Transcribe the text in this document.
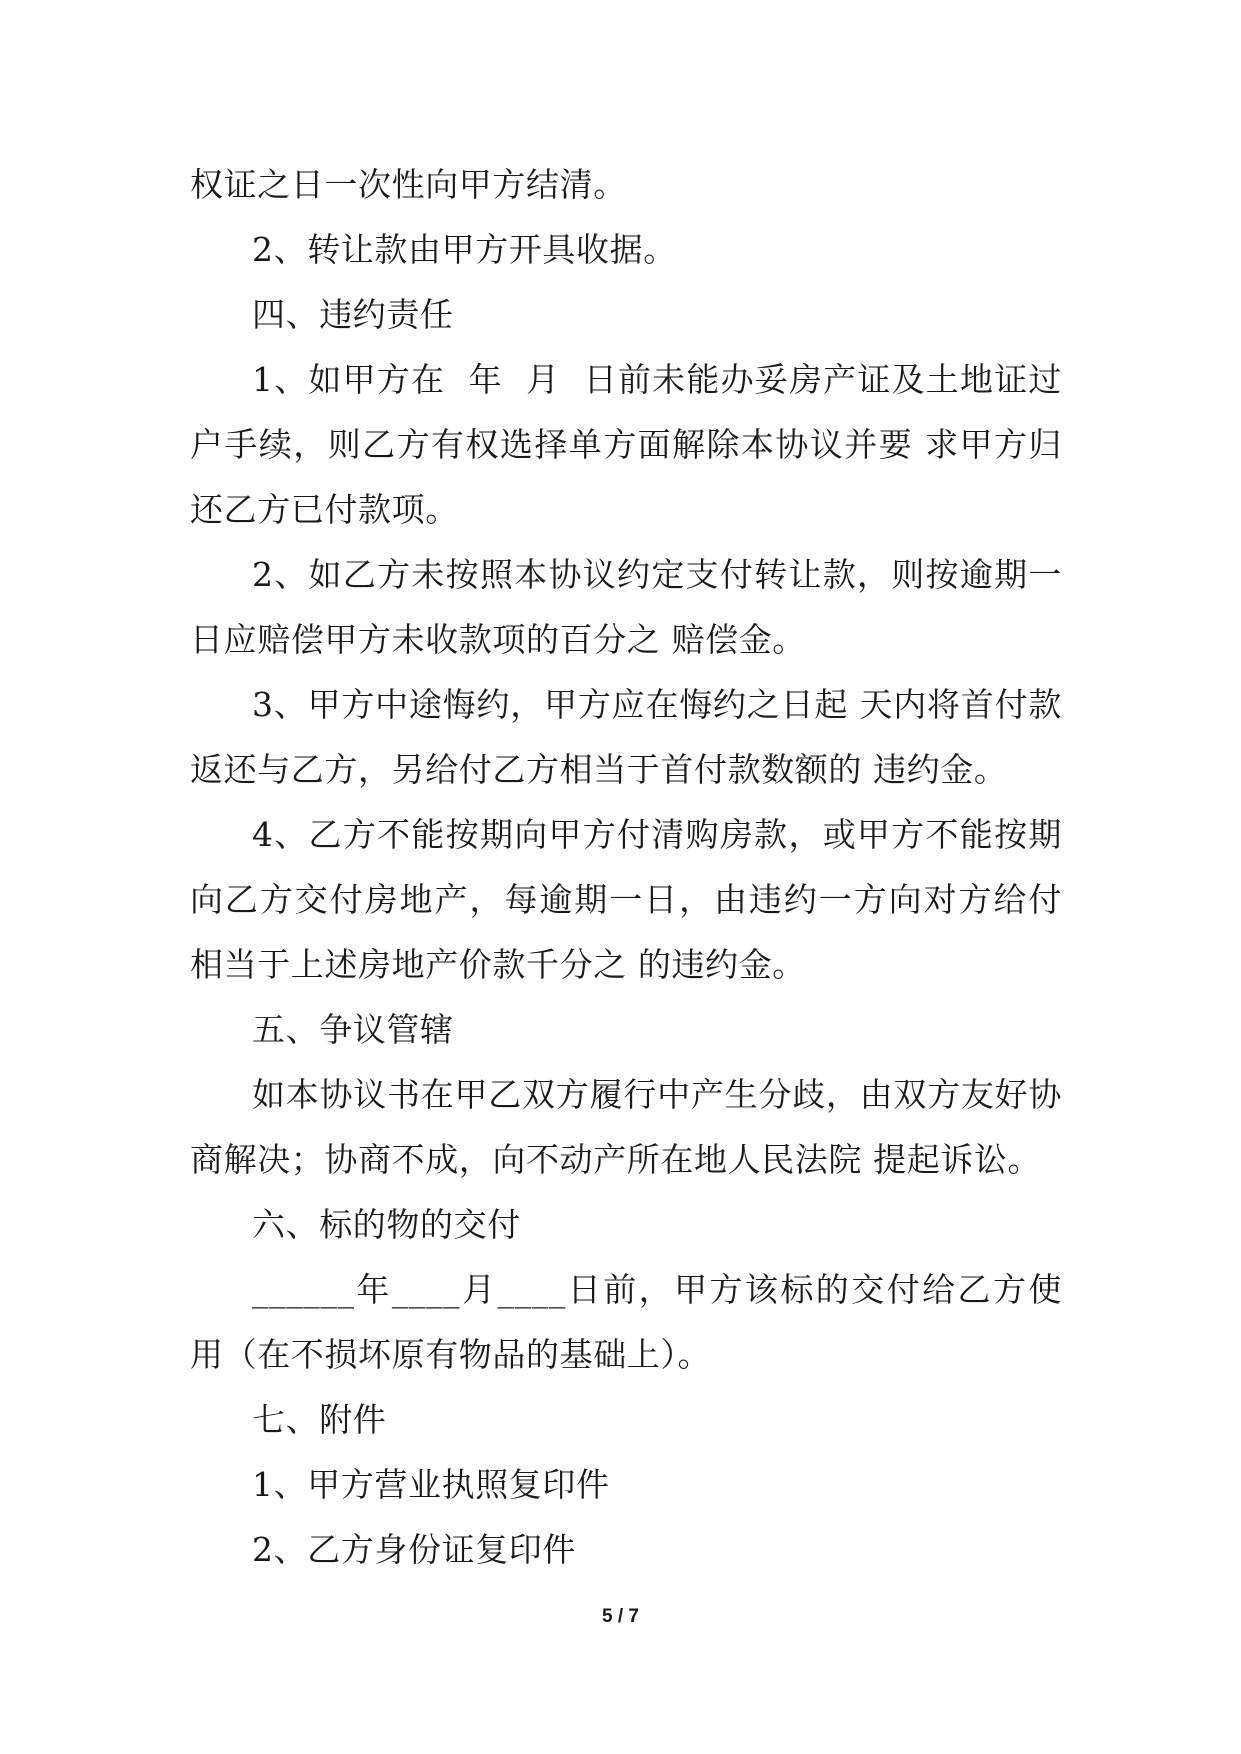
权证之日一次性向甲方结清。

2、转让款由甲方开具收据。

四、违约责任

1、如甲方在  年  月  日前未能办妥房产证及土地证过户手续，则乙方有权选择单方面解除本协议并要 求甲方归还乙方已付款项。

2、如乙方未按照本协议约定支付转让款，则按逾期一日应赔偿甲方未收款项的百分之 赔偿金。

3、甲方中途悔约，甲方应在悔约之日起 天内将首付款返还与乙方，另给付乙方相当于首付款数额的 违约金。

4、乙方不能按期向甲方付清购房款，或甲方不能按期向乙方交付房地产，每逾期一日，由违约一方向对方给付相当于上述房地产价款千分之 的违约金。

五、争议管辖

如本协议书在甲乙双方履行中产生分歧，由双方友好协商解决；协商不成，向不动产所在地人民法院 提起诉讼。

六、标的物的交付

______年____月____日前，甲方该标的交付给乙方使用（在不损坏原有物品的基础上）。

七、附件

1、甲方营业执照复印件

2、乙方身份证复印件

5 / 7
